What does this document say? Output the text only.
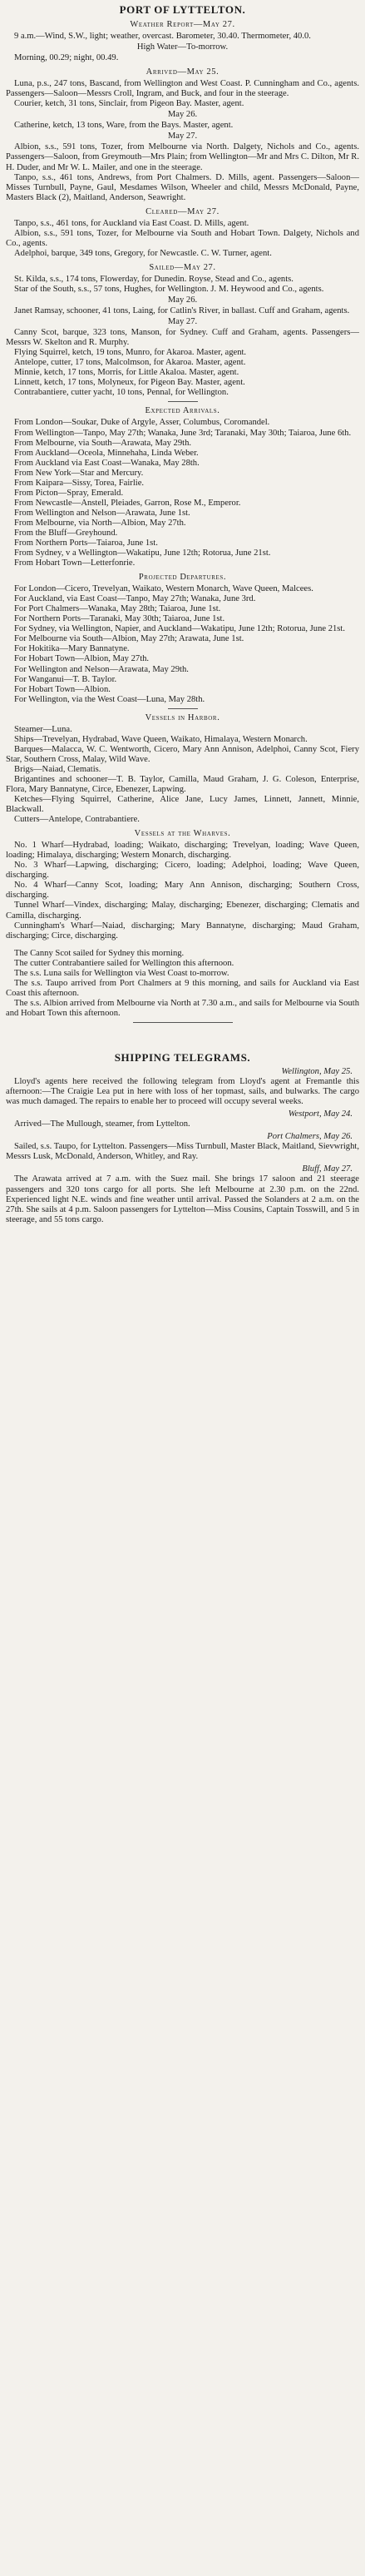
PORT OF LYTTELTON.
Weather Report—May 27.

9 a.m.—Wind, S.W., light; weather, overcast. Barometer, 30.40. Thermometer, 40.0.

High Water—To-morrow.

Morning, 00.29; night, 00.49.

Arrived—May 25.

Luna, p.s., 247 tons, Bascand, from Wellington and West Coast. P. Cunningham and Co., agents. Passengers—Saloon—Messrs Croll, Ingram, and Buck, and four in the steerage.

Courier, ketch, 31 tons, Sinclair, from Pigeon Bay. Master, agent.

May 26.

Catherine, ketch, 13 tons, Ware, from the Bays. Master, agent.

May 27.

Albion, s.s., 591 tons, Tozer, from Melbourne via North. Dalgety, Nichols and Co., agents. Passengers—Saloon, from Greymouth—Mrs Plain; from Wellington—Mr and Mrs C. Dilton, Mr R. H. Duder, and Mr W. L. Mailer, and one in the steerage.

Tanpo, s.s., 461 tons, Andrews, from Port Chalmers. D. Mills, agent. Passengers—Saloon—Misses Turnbull, Payne, Gaul, Mesdames Wilson, Wheeler and child, Messrs McDonald, Payne, Masters Black (2), Maitland, Anderson, Seawright.

Cleared—May 27.

Tanpo, s.s., 461 tons, for Auckland via East Coast. D. Mills, agent.

Albion, s.s., 591 tons, Tozer, for Melbourne via South and Hobart Town. Dalgety, Nichols and Co., agents.

Adelphoi, barque, 349 tons, Gregory, for Newcastle. C. W. Turner, agent.

Sailed—May 27.

St. Kilda, s.s., 174 tons, Flowerday, for Dunedin. Royse, Stead and Co., agents.

Star of the South, s.s., 57 tons, Hughes, for Wellington. J. M. Heywood and Co., agents.

May 26.

Janet Ramsay, schooner, 41 tons, Laing, for Catlin's River, in ballast. Cuff and Graham, agents.

May 27.

Canny Scot, barque, 323 tons, Manson, for Sydney. Cuff and Graham, agents. Passengers—Messrs W. Skelton and R. Murphy.

Flying Squirrel, ketch, 19 tons, Munro, for Akaroa. Master, agent.

Antelope, cutter, 17 tons, Malcolmson, for Akaroa. Master, agent.

Minnie, ketch, 17 tons, Morris, for Little Akaloa. Master, agent.

Linnett, ketch, 17 tons, Molyneux, for Pigeon Bay. Master, agent.

Contrabantiere, cutter yacht, 10 tons, Pennal, for Wellington.

Expected Arrivals.

From London—Soukar, Duke of Argyle, Asser, Columbus, Coromandel.

From Wellington—Tanpo, May 27th; Wanaka, June 3rd; Taranaki, May 30th; Taiaroa, June 6th.

From Melbourne, via South—Arawata, May 29th.

From Auckland—Oceola, Minnehaha, Linda Weber.

From Auckland via East Coast—Wanaka, May 28th.

From New York—Star and Mercury.

From Kaipara—Sissy, Torea, Fairlie.

From Picton—Spray, Emerald.

From Newcastle—Anstell, Pleiades, Garron, Rose M., Emperor.

From Wellington and Nelson—Arawata, June 1st.

From Melbourne, via North—Albion, May 27th.

From the Bluff—Greyhound.

From Northern Ports—Taiaroa, June 1st.

From Sydney, v a Wellington—Wakatipu, June 12th; Rotorua, June 21st.

From Hobart Town—Letterfonrie.

Projected Departures.

For London—Cicero, Trevelyan, Waikato, Western Monarch, Wave Queen, Malcees.

For Auckland, via East Coast—Tanpo, May 27th; Wanaka, June 3rd.

For Port Chalmers—Wanaka, May 28th; Taiaroa, June 1st.

For Northern Ports—Taranaki, May 30th; Taiaroa, June 1st.

For Sydney, via Wellington, Napier, and Auckland—Wakatipu, June 12th; Rotorua, June 21st.

For Melbourne via South—Albion, May 27th; Arawata, June 1st.

For Hokitika—Mary Bannatyne.

For Hobart Town—Albion, May 27th.

For Wellington and Nelson—Arawata, May 29th.

For Wanganui—T. B. Taylor.

For Hobart Town—Albion.

For Wellington, via the West Coast—Luna, May 28th.

Vessels in Harbor.

Steamer—Luna.

Ships—Trevelyan, Hydrabad, Wave Queen, Waikato, Himalaya, Western Monarch.

Barques—Malacca, W. C. Wentworth, Cicero, Mary Ann Annison, Adelphoi, Canny Scot, Fiery Star, Southern Cross, Malay, Wild Wave.

Brigs—Naiad, Clematis.

Brigantines and schooner—T. B. Taylor, Camilla, Maud Graham, J. G. Coleson, Enterprise, Flora, Mary Bannatyne, Circe, Ebenezer, Lapwing.

Ketches—Flying Squirrel, Catherine, Alice Jane, Lucy James, Linnett, Jannett, Minnie, Blackwall.

Cutters—Antelope, Contrabantiere.

Vessels at the Wharves.

No. 1 Wharf—Hydrabad, loading; Waikato, discharging; Trevelyan, loading; Wave Queen, loading; Himalaya, discharging; Western Monarch, discharging.

No. 3 Wharf—Lapwing, discharging; Cicero, loading; Adelphoi, loading; Wave Queen, discharging.

No. 4 Wharf—Canny Scot, loading; Mary Ann Annison, discharging; Southern Cross, discharging.

Tunnel Wharf—Vindex, discharging; Malay, discharging; Ebenezer, discharging; Clematis and Camilla, discharging.

Cunningham's Wharf—Naiad, discharging; Mary Bannatyne, discharging; Maud Graham, discharging; Circe, discharging.

The Canny Scot sailed for Sydney this morning.

The cutter Contrabantiere sailed for Wellington this afternoon.

The s.s. Luna sails for Wellington via West Coast to-morrow.

The s.s. Taupo arrived from Port Chalmers at 9 this morning, and sails for Auckland via East Coast this afternoon.

The s.s. Albion arrived from Melbourne via North at 7.30 a.m., and sails for Melbourne via South and Hobart Town this afternoon.

SHIPPING TELEGRAMS.

Wellington, May 25.

Lloyd's agents here received the following telegram from Lloyd's agent at Fremantle this afternoon:—The Craigie Lea put in here with loss of her topmast, sails, and bulwarks. The cargo was much damaged. The repairs to enable her to proceed will occupy several weeks.

Westport, May 24.

Arrived—The Mullough, steamer, from Lyttelton.

Port Chalmers, May 26.

Sailed, s.s. Taupo, for Lyttelton. Passengers—Miss Turnbull, Master Black, Maitland, Sievwright, Messrs Lusk, McDonald, Anderson, Whitley, and Ray.

Bluff, May 27.

The Arawata arrived at 7 a.m. with the Suez mail. She brings 17 saloon and 21 steerage passengers and 320 tons cargo for all ports. She left Melbourne at 2.30 p.m. on the 22nd. Experienced light N.E. winds and fine weather until arrival. Passed the Solanders at 2 a.m. on the 27th. She sails at 4 p.m. Saloon passengers for Lyttelton—Miss Cousins, Captain Tosswill, and 5 in steerage, and 55 tons cargo.
